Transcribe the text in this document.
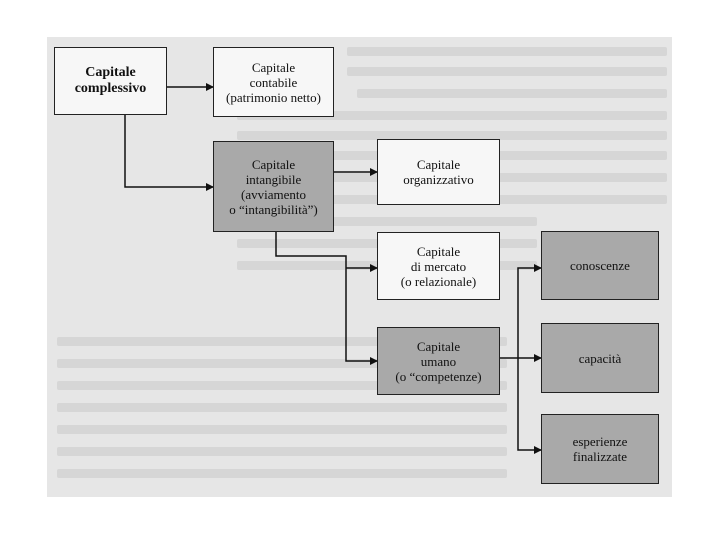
Capitale
complessivo
Capitale
contabile
(patrimonio netto)
Capitale
intangibile
(avviamento
o “intangibilità”)
Capitale
organizzativo
Capitale
di mercato
(o relazionale)
Capitale
umano
(o “competenze)
conoscenze
capacità
esperienze
finalizzate
